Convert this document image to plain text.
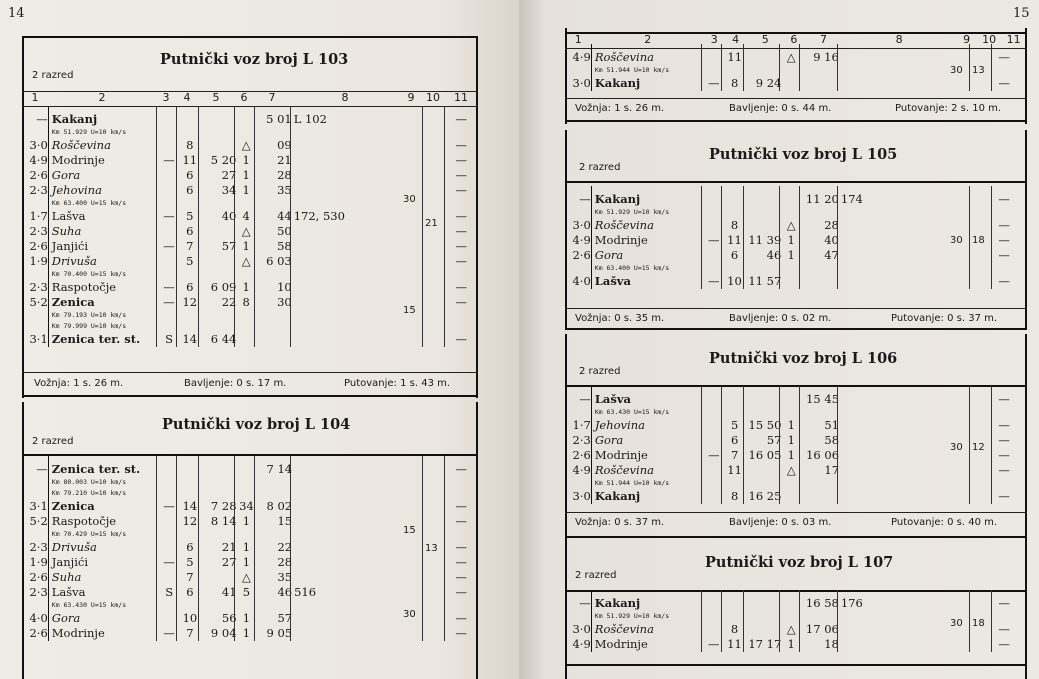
14
Putnički voz broj L 103
2 razred
1	2	3	4	5	6	7	8	9	10	11
Vožnja: 1 s. 26 m.	Bavljenje: 0 s. 17 m.	Putovanje: 1 s. 43 m.
—	Kakanj					5 01	L 102			—
	Km 51.929 U=10 km/s									
3·0	Roščevina		8		△	09				—
4·9	Modrinje	—	11	5 20	1	21				—
2·6	Gora		6	27	1	28				—
2·3	Jehovina		6	34	1	35				—
	Km 63.400 U=15 km/s									
1·7	Lašva	—	5	40	4	44	172, 530			—
2·3	Suha		6		△	50				—
2·6	Janjići	—	7	57	1	58				—
1·9	Drivuša		5		△	6 03				—
	Km 70.400 U=15 km/s									
2·3	Raspotočje	—	6	6 09	1	10				—
5·2	Zenica	—	12	22	8	30				—
	Km 79.193 U=10 km/s									
	Km 79.999 U=10 km/s									
3·1	Zenica ter. st.	S	14	6 44						—
30
15
21
Putnički voz broj L 104
2 razred
—	Zenica ter. st.					7 14				—
	Km 80.003 U=10 km/s									
	Km 79.210 U=10 km/s									
3·1	Zenica	—	14	7 28	34	8 02				—
5·2	Raspotočje		12	8 14	1	15				—
	Km 70.429 U=15 km/s									
2·3	Drivuša		6	21	1	22				—
1·9	Janjići	—	5	27	1	28				—
2·6	Suha		7		△	35				—
2·3	Lašva	S	6	41	5	46	516			—
	Km 63.430 U=15 km/s									
4·0	Gora		10	56	1	57				—
2·6	Modrinje	—	7	9 04	1	9 05				—
15
30
13
15
1	2	3	4	5	6	7	8	9	10	11
Vožnja: 1 s. 26 m.	Bavljenje: 0 s. 44 m.	Putovanje: 2 s. 10 m.
4·9	Roščevina		11		△	9 16				—
	Km 51.944 U=10 km/s									
3·0	Kakanj	—	8	9 24						—
30 13
Putnički voz broj L 105
2 razred
Vožnja: 0 s. 35 m.	Bavljenje: 0 s. 02 m.	Putovanje: 0 s. 37 m.
—	Kakanj					11 20	174			—
	Km 51.929 U=10 km/s									
3·0	Roščevina		8		△	28				—
4·9	Modrinje	—	11	11 39	1	40				—
2·6	Gora		6	46	1	47				—
	Km 63.400 U=15 km/s									
4·0	Lašva	—	10	11 57						—
30 18
Putnički voz broj L 106
2 razred
Vožnja: 0 s. 37 m.	Bavljenje: 0 s. 03 m.	Putovanje: 0 s. 40 m.
—	Lašva					15 45				—
	Km 63.430 U=15 km/s									
1·7	Jehovina		5	15 50	1	51				—
2·3	Gora		6	57	1	58				—
2·6	Modrinje	—	7	16 05	1	16 06				—
4·9	Roščevina		11		△	17				—
	Km 51.944 U=10 km/s									
3·0	Kakanj		8	16 25						—
30 12
Putnički voz broj L 107
2 razred
—	Kakanj					16 58	176			—
	Km 51.929 U=10 km/s									
3·0	Roščevina		8		△	17 06				—
4·9	Modrinje	—	11	17 17	1	18				—
30 18
